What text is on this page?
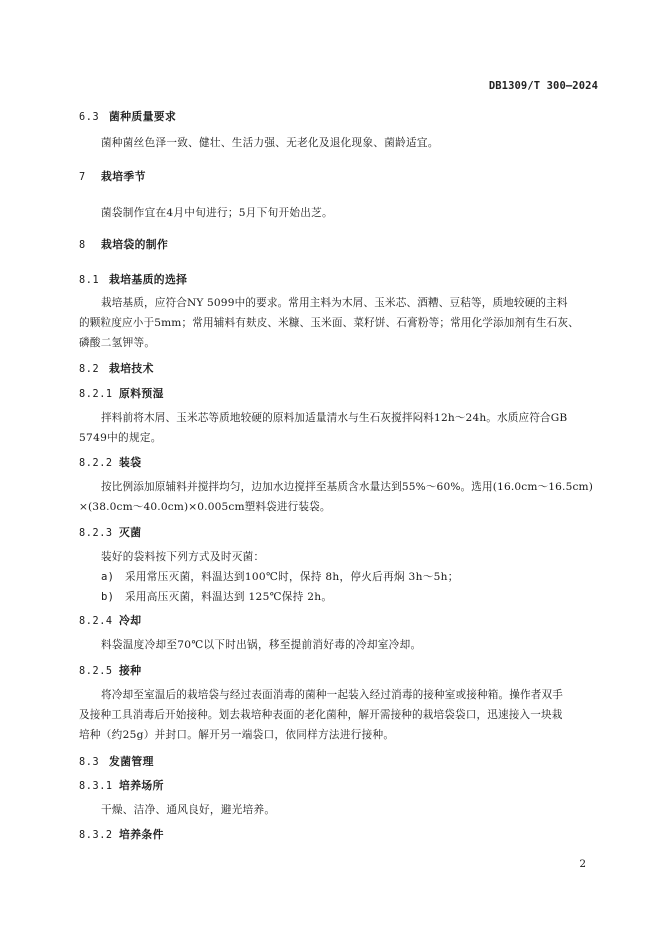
DB1309/T 300—2024
6.3 菌种质量要求
菌种菌丝色泽一致、健壮、生活力强、无老化及退化现象、菌龄适宜。
7 栽培季节
菌袋制作宜在4月中旬进行；5月下旬开始出芝。
8 栽培袋的制作
8.1 栽培基质的选择
栽培基质，应符合NY 5099中的要求。常用主料为木屑、玉米芯、酒糟、豆秸等，质地较硬的主料
的颗粒度应小于5mm；常用辅料有麸皮、米糠、玉米面、菜籽饼、石膏粉等；常用化学添加剂有生石灰、
磷酸二氢钾等。
8.2 栽培技术
8.2.1 原料预湿
拌料前将木屑、玉米芯等质地较硬的原料加适量清水与生石灰搅拌闷料12h～24h。水质应符合GB
5749中的规定。
8.2.2 装袋
按比例添加原辅料并搅拌均匀，边加水边搅拌至基质含水量达到55%～60%。选用(16.0cm～16.5cm)
×(38.0cm～40.0cm)×0.005cm塑料袋进行装袋。
8.2.3 灭菌
装好的袋料按下列方式及时灭菌：
a) 采用常压灭菌，料温达到100℃时，保持 8h，停火后再焖 3h～5h；
b) 采用高压灭菌，料温达到 125℃保持 2h。
8.2.4 冷却
料袋温度冷却至70℃以下时出锅，移至提前消好毒的冷却室冷却。
8.2.5 接种
将冷却至室温后的栽培袋与经过表面消毒的菌种一起装入经过消毒的接种室或接种箱。操作者双手
及接种工具消毒后开始接种。划去栽培种表面的老化菌种，解开需接种的栽培袋袋口，迅速接入一块栽
培种（约25g）并封口。解开另一端袋口，依同样方法进行接种。
8.3 发菌管理
8.3.1 培养场所
干燥、洁净、通风良好，避光培养。
8.3.2 培养条件
2
